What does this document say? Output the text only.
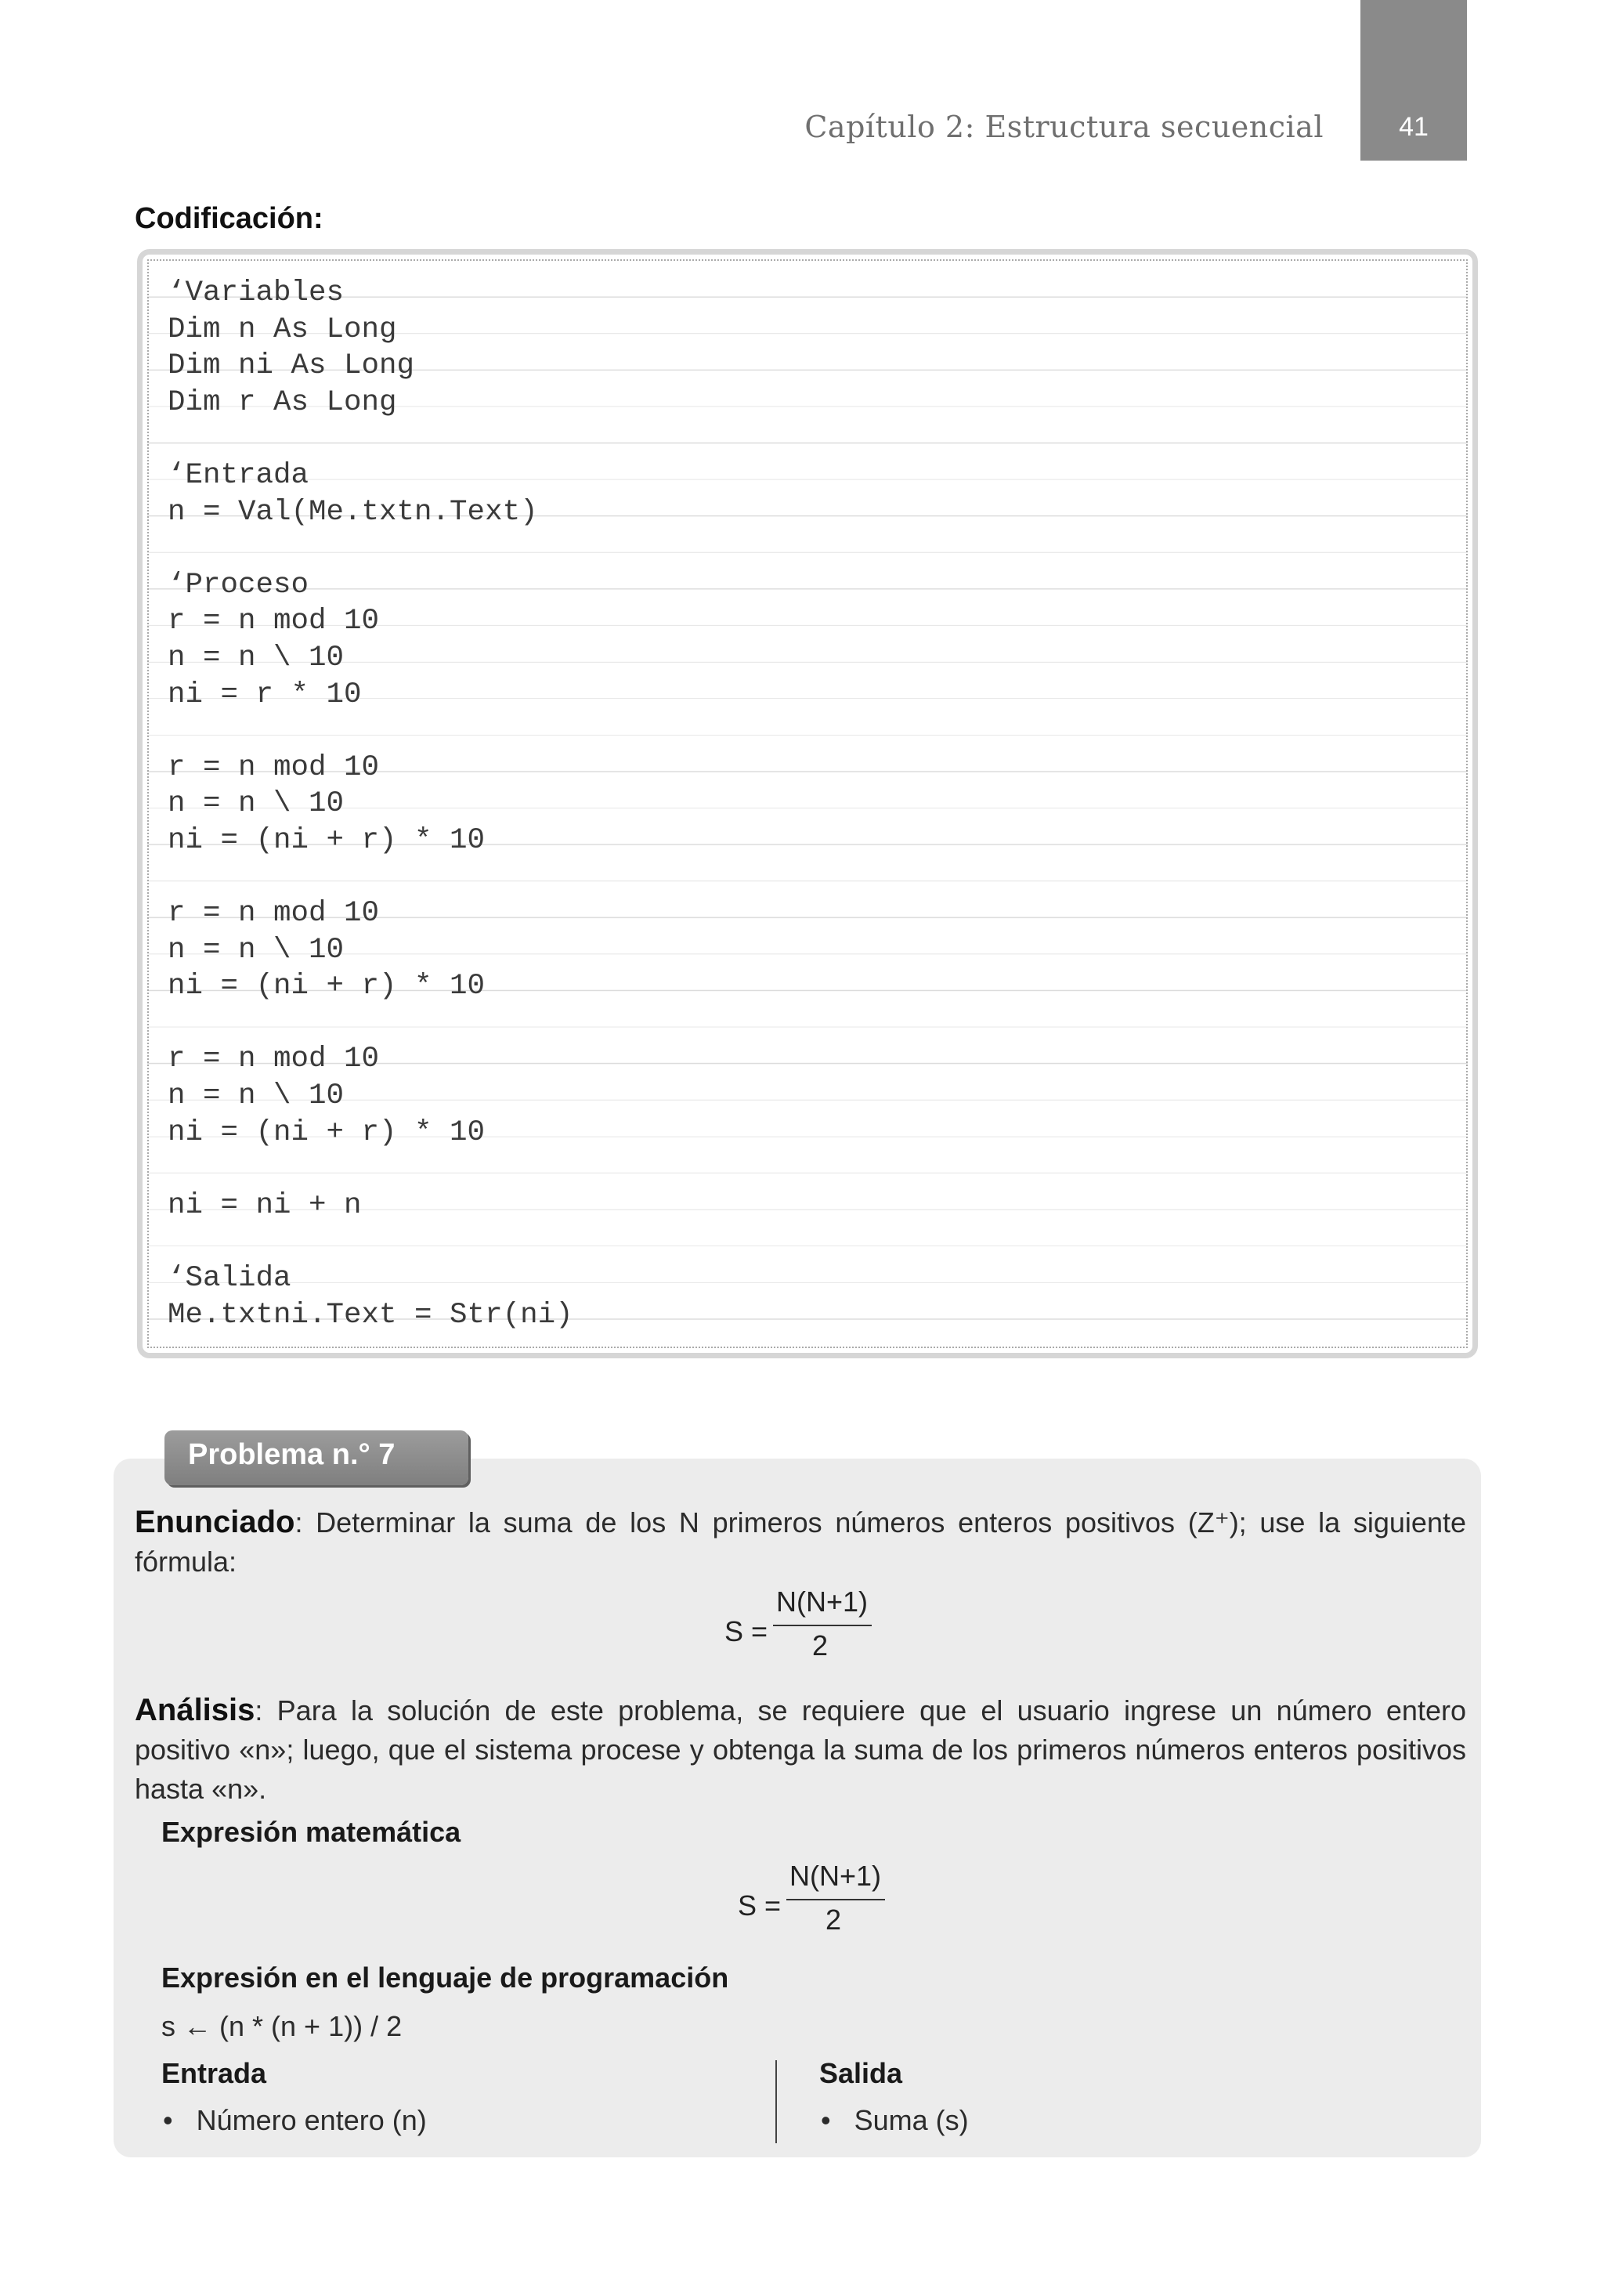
Capítulo 2: Estructura secuencial	41
Codificación:
‘Variables
Dim n As Long
Dim ni As Long
Dim r As Long
‘Entrada
n = Val(Me.txtn.Text)
‘Proceso
r = n mod 10
n = n \ 10
ni = r * 10
r = n mod 10
n = n \ 10
ni = (ni + r) * 10
r = n mod 10
n = n \ 10
ni = (ni + r) * 10
r = n mod 10
n = n \ 10
ni = (ni + r) * 10
ni = ni + n
‘Salida
Me.txtni.Text = Str(ni)
Problema n.° 7
Enunciado: Determinar la suma de los N primeros números enteros positivos (Z⁺); use la siguiente fórmula:
S =
N(N+1)
2
Análisis: Para la solución de este problema, se requiere que el usuario ingrese un número entero positivo «n»; luego, que el sistema procese y obtenga la suma de los primeros números enteros positivos hasta «n».
Expresión matemática
S =
N(N+1)
2
Expresión en el lenguaje de programación
s ← (n * (n + 1)) / 2
Entrada
•   Número entero (n)
Salida
•   Suma (s)
